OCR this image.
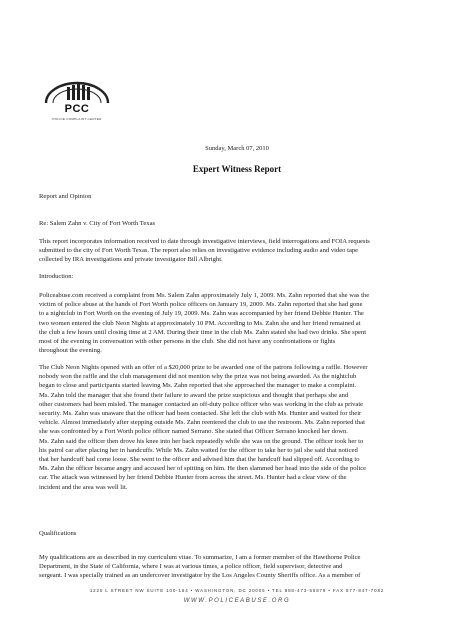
PCC
POLICE COMPLAINT CENTER
Sunday, March 07, 2010
Expert Witness Report
Report and Opinion
Re: Salem Zahn v. City of Fort Worth Texas
This report incorporates information received to date through investigative interviews, field interrogations and FOIA requests
submitted to the city of Fort Worth Texas. The report also relies on investigative evidence including audio and video tape
collected by IRA investigations and private investigator Bill Albright.
Introduction:
Policeabuse.com received a complaint from Ms. Salem Zahn approximately July 1, 2009. Ms. Zahn reported that she was the
victim of police abuse at the hands of Fort Worth police officers on January 19, 2009. Ms. Zahn reported that she had gone
to a nightclub in Fort Worth on the evening of July 19, 2009. Ms. Zahn was accompanied by her friend Debbie Hunter. The
two women entered the club Neon Nights at approximately 10 PM. According to Ms. Zahn she and her friend remained at
the club a few hours until closing time at 2 AM. During their time in the club Ms. Zahn stated she had two drinks. She spent
most of the evening in conversation with other persons in the club. She did not have any confrontations or fights
throughout the evening.
The Club Neon Nights opened with an offer of a $20,000 prize to be awarded one of the patrons following a raffle. However
nobody won the raffle and the club management did not mention why the prize was not being awarded. As the nightclub
began to close and participants started leaving Ms. Zahn reported that she approached the manager to make a complaint.
Ms. Zahn told the manager that she found their failure to award the prize suspicious and thought that perhaps she and
other customers had been misled. The manager contacted an off-duty police officer who was working in the club as private
security. Ms. Zahn was unaware that the officer had been contacted. She left the club with Ms. Hunter and waited for their
vehicle. Almost immediately after stepping outside Ms. Zahn reentered the club to use the restroom. Ms. Zahn reported that
she was confronted by a Fort Worth police officer named Serrano. She stated that Officer Serrano knocked her down.
Ms. Zahn said the officer then drove his knee into her back repeatedly while she was on the ground. The officer took her to
his patrol car after placing her in handcuffs. While Ms. Zahn waited for the officer to take her to jail she said that noticed
that her handcuff had come loose. She went to the officer and advised him that the handcuff had slipped off. According to
Ms. Zahn the officer became angry and accused her of spitting on him. He then slammed her head into the side of the police
car. The attack was witnessed by her friend Debbie Hunter from across the street. Ms. Hunter had a clear view of the
incident and the area was well lit.
Qualifications
My qualifications are as described in my curriculum vitae. To summarize, I am a former member of the Hawthorne Police
Department, in the State of California, where I was at various times, a police officer, field supervisor, detective and
sergeant. I was specially trained as an undercover investigator by the Los Angeles County Sheriffs office. As a member of
1220 L STREET NW SUITE 100-164 • WASHINGTON, DC 20005 • TEL 888-473-55879 • FAX 877-847-7082
WWW.POLICEABUSE.ORG
